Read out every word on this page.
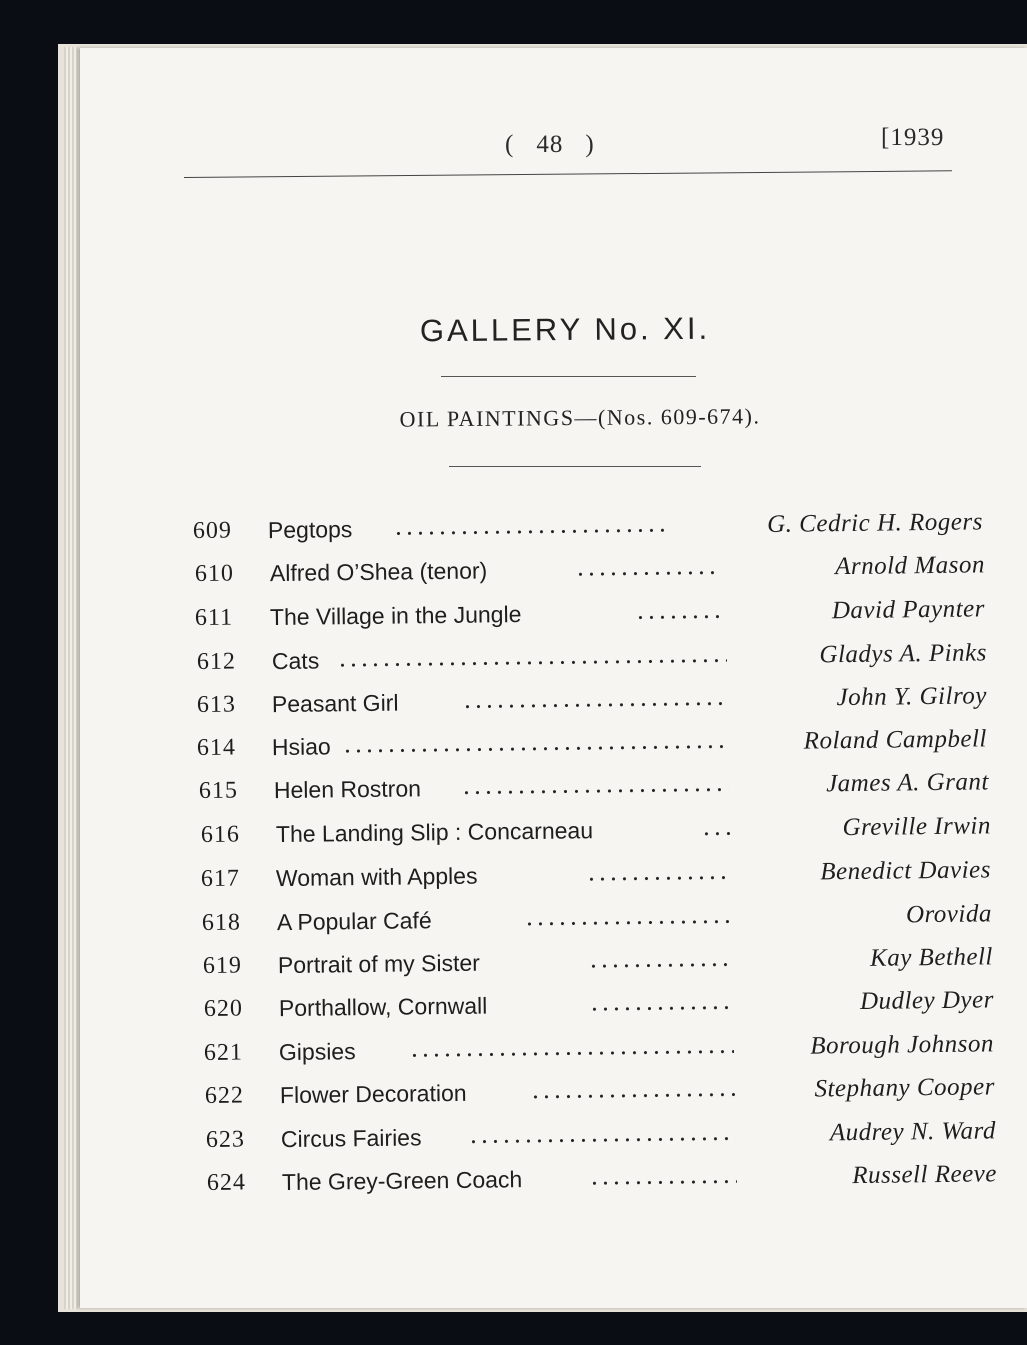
( 48 )	[1939
GALLERY No. XI.
OIL PAINTINGS—(Nos. 609-674).
609	Pegtops	G. Cedric H. Rogers
610	Alfred O’Shea (tenor)	Arnold Mason
611	The Village in the Jungle	David Paynter
612	Cats	Gladys A. Pinks
613	Peasant Girl	John Y. Gilroy
614	Hsiao	Roland Campbell
615	Helen Rostron	James A. Grant
616	The Landing Slip : Concarneau	Greville Irwin
617	Woman with Apples	Benedict Davies
618	A Popular Café	Orovida
619	Portrait of my Sister	Kay Bethell
620	Porthallow, Cornwall	Dudley Dyer
621	Gipsies	Borough Johnson
622	Flower Decoration	Stephany Cooper
623	Circus Fairies	Audrey N. Ward
624	The Grey-Green Coach	Russell Reeve
